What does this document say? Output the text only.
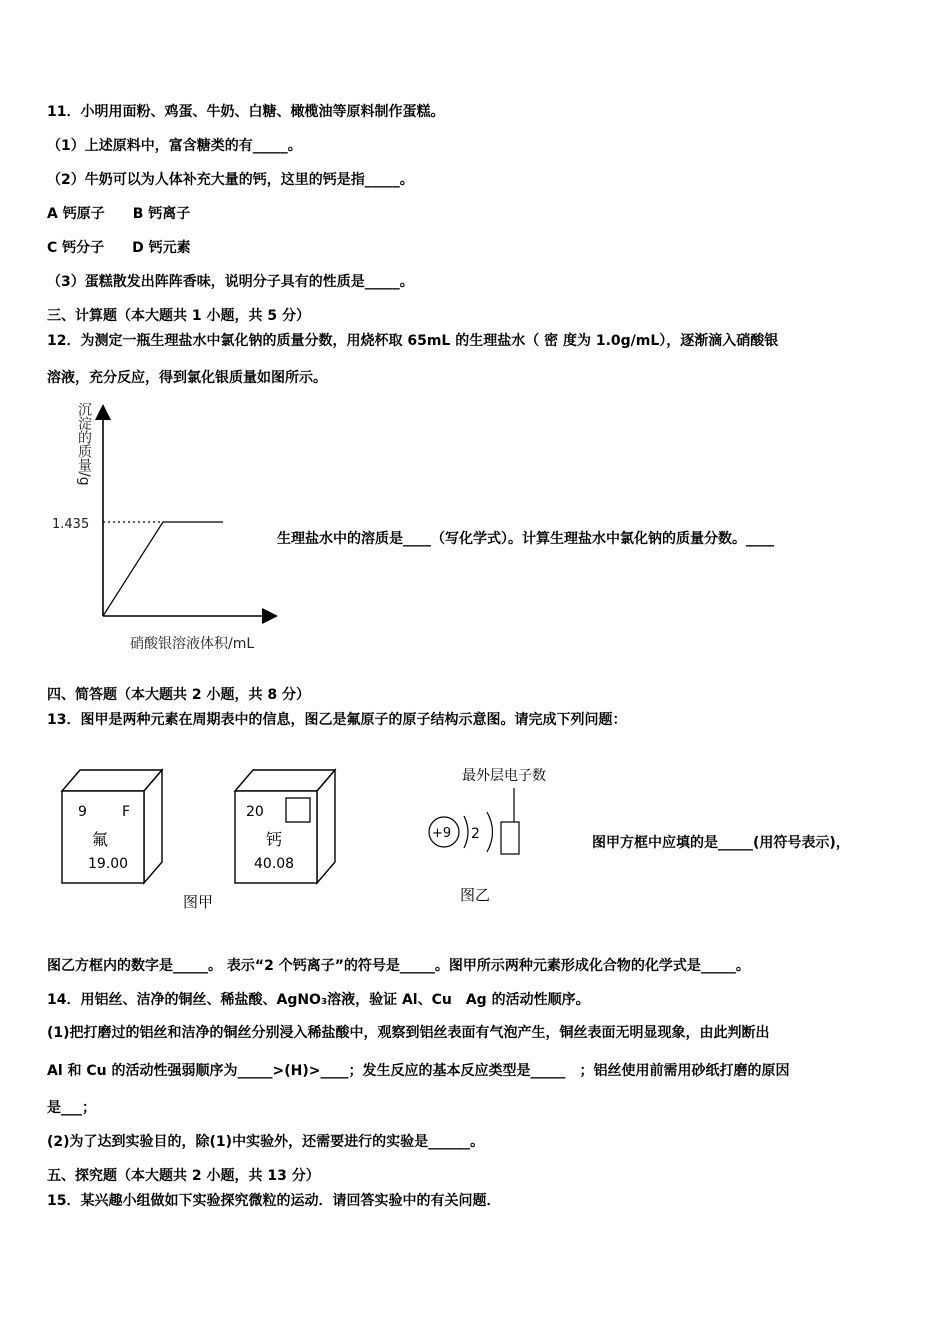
11．小明用面粉、鸡蛋、牛奶、白糖、橄榄油等原料制作蛋糕。
（1）上述原料中，富含糖类的有_____。
（2）牛奶可以为人体补充大量的钙，这里的钙是指_____。
A 钙原子　　B 钙离子
C 钙分子　　D 钙元素
（3）蛋糕散发出阵阵香味，说明分子具有的性质是_____。
三、计算题（本大题共 1 小题，共 5 分）
12．为测定一瓶生理盐水中氯化钠的质量分数，用烧杯取 65mL 的生理盐水（ 密 度为 1.0g/mL），逐渐滴入硝酸银
溶液，充分反应，得到氯化银质量如图所示。
沉淀的质量/g
1.435
硝酸银溶液体积/mL
生理盐水中的溶质是____（写化学式）。计算生理盐水中氯化钠的质量分数。____
四、简答题（本大题共 2 小题，共 8 分）
13．图甲是两种元素在周期表中的信息，图乙是氟原子的原子结构示意图。请完成下列问题：
9	F
氟
19.00
20
钙
40.08
图甲
最外层电子数
+9 2
图乙
图甲方框中应填的是_____(用符号表示)，
图乙方框内的数字是_____。 表示“2 个钙离子”的符号是_____。图甲所示两种元素形成化合物的化学式是_____。
14．用铝丝、洁净的铜丝、稀盐酸、AgNO₃溶液，验证 Al、Cu　Ag 的活动性顺序。
(1)把打磨过的铝丝和洁净的铜丝分别浸入稀盐酸中，观察到铝丝表面有气泡产生，铜丝表面无明显现象，由此判断出
Al 和 Cu 的活动性强弱顺序为_____>(H)>____；发生反应的基本反应类型是_____　；铝丝使用前需用砂纸打磨的原因
是___；
(2)为了达到实验目的，除(1)中实验外，还需要进行的实验是______。
五、探究题（本大题共 2 小题，共 13 分）
15．某兴趣小组做如下实验探究微粒的运动．请回答实验中的有关问题．
